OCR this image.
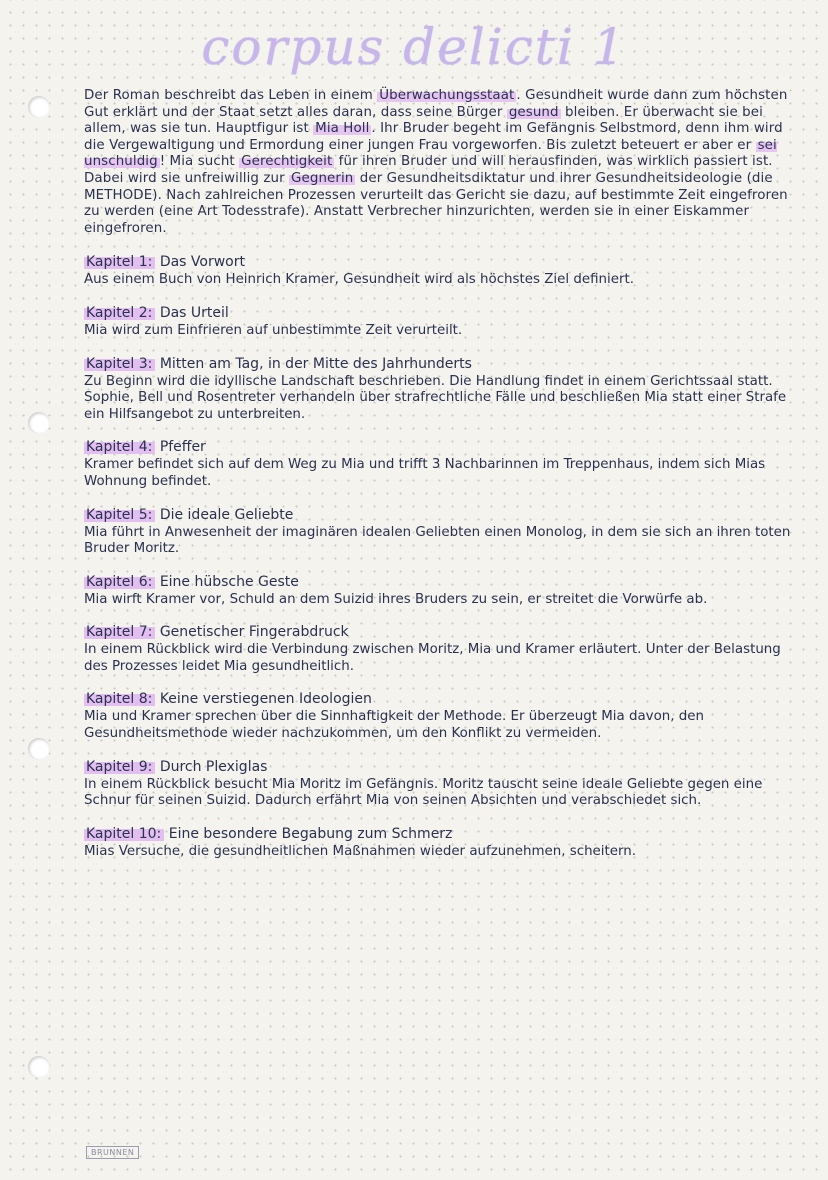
corpus delicti 1

Der Roman beschreibt das Leben in einem Überwachungsstaat . Gesundheit wurde dann zum höchsten Gut erklärt und der Staat setzt alles daran, dass seine Bürger gesund bleiben. Er überwacht sie bei allem, was sie tun. Hauptfigur ist Mia Holl . Ihr Bruder begeht im Gefängnis Selbstmord, denn ihm wird die Vergewaltigung und Ermordung einer jungen Frau vorgeworfen. Bis zuletzt beteuert er aber er sei unschuldig ! Mia sucht Gerechtigkeit für ihren Bruder und will herausfinden, was wirklich passiert ist. Dabei wird sie unfreiwillig zur Gegnerin der Gesundheitsdiktatur und ihrer Gesundheitsideologie (die METHODE). Nach zahlreichen Prozessen verurteilt das Gericht sie dazu, auf bestimmte Zeit eingefroren zu werden (eine Art Todesstrafe). Anstatt Verbrecher hinzurichten, werden sie in einer Eiskammer eingefroren.

Kapitel 1: Das Vorwort
Aus einem Buch von Heinrich Kramer, Gesundheit wird als höchstes Ziel definiert.
Kapitel 2: Das Urteil
Mia wird zum Einfrieren auf unbestimmte Zeit verurteilt.
Kapitel 3: Mitten am Tag, in der Mitte des Jahrhunderts
Zu Beginn wird die idyllische Landschaft beschrieben. Die Handlung findet in einem Gerichtssaal statt. Sophie, Bell und Rosentreter verhandeln über strafrechtliche Fälle und beschließen Mia statt einer Strafe ein Hilfsangebot zu unterbreiten.
Kapitel 4: Pfeffer
Kramer befindet sich auf dem Weg zu Mia und trifft 3 Nachbarinnen im Treppenhaus, indem sich Mias Wohnung befindet.
Kapitel 5: Die ideale Geliebte
Mia führt in Anwesenheit der imaginären idealen Geliebten einen Monolog, in dem sie sich an ihren toten Bruder Moritz.
Kapitel 6: Eine hübsche Geste
Mia wirft Kramer vor, Schuld an dem Suizid ihres Bruders zu sein, er streitet die Vorwürfe ab.
Kapitel 7: Genetischer Fingerabdruck
In einem Rückblick wird die Verbindung zwischen Moritz, Mia und Kramer erläutert. Unter der Belastung des Prozesses leidet Mia gesundheitlich.
Kapitel 8: Keine verstiegenen Ideologien
Mia und Kramer sprechen über die Sinnhaftigkeit der Methode. Er überzeugt Mia davon, den Gesundheitsmethode wieder nachzukommen, um den Konflikt zu vermeiden.
Kapitel 9: Durch Plexiglas
In einem Rückblick besucht Mia Moritz im Gefängnis. Moritz tauscht seine ideale Geliebte gegen eine Schnur für seinen Suizid. Dadurch erfährt Mia von seinen Absichten und verabschiedet sich.
Kapitel 10: Eine besondere Begabung zum Schmerz
Mias Versuche, die gesundheitlichen Maßnahmen wieder aufzunehmen, scheitern.
BRUNNEN
